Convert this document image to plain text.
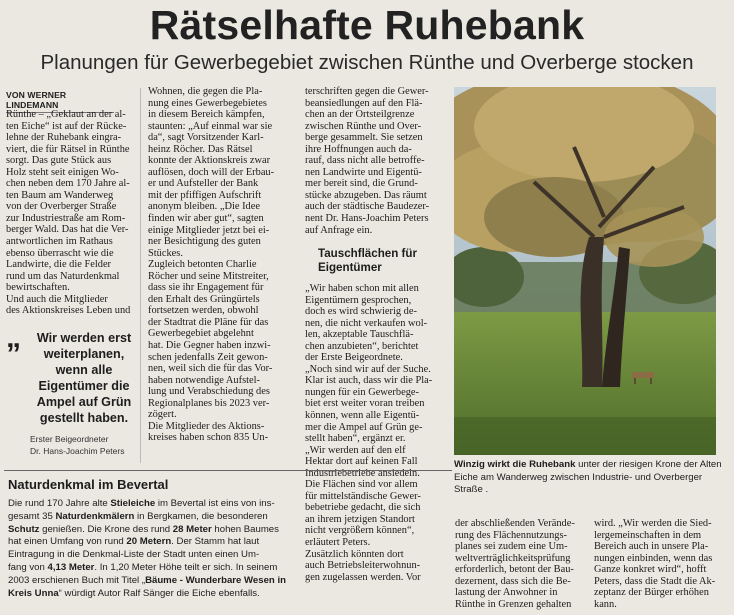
Rätselhafte Ruhebank
Planungen für Gewerbegebiet zwischen Rünthe und Overberge stocken
VON WERNER LINDEMANN
Rünthe – „Geklaut an der al-
ten Eiche“ ist auf der Rücke-
lehne der Ruhebank eingra-
viert, die für Rätsel in Rünthe
sorgt. Das gute Stück aus
Holz steht seit einigen Wo-
chen neben dem 170 Jahre al-
ten Baum am Wanderweg
von der Overberger Straße
zur Industriestraße am Rom-
berger Wald. Das hat die Ver-
antwortlichen im Rathaus
ebenso überrascht wie die
Landwirte, die die Felder
rund um das Naturdenkmal
bewirtschaften.
Und auch die Mitglieder
des Aktionskreises Leben und
„	Wir werden erst weiterplanen, wenn alle Eigentümer die Ampel auf Grün gestellt haben.
Erster Beigeordneter
Dr. Hans-Joachim Peters
Wohnen, die gegen die Pla-
nung eines Gewerbegebietes
in diesem Bereich kämpfen,
staunten: „Auf einmal war sie
da“, sagt Vorsitzender Karl-
heinz Röcher. Das Rätsel
konnte der Aktionskreis zwar
auflösen, doch will der Erbau-
er und Aufsteller der Bank
mit der pfiffigen Aufschrift
anonym bleiben. „Die Idee
finden wir aber gut“, sagten
einige Mitglieder jetzt bei ei-
ner Besichtigung des guten
Stückes.
Zugleich betonten Charlie
Röcher und seine Mitstreiter,
dass sie ihr Engagement für
den Erhalt des Grüngürtels
fortsetzen werden, obwohl
der Stadtrat die Pläne für das
Gewerbegebiet abgelehnt
hat. Die Gegner haben inzwi-
schen jedenfalls Zeit gewon-
nen, weil sich die für das Vor-
haben notwendige Aufstel-
lung und Verabschiedung des
Regionalplanes bis 2023 ver-
zögert.
Die Mitglieder des Aktions-
kreises haben schon 835 Un-
terschriften gegen die Gewer-
beansiedlungen auf den Flä-
chen an der Ortsteilgrenze
zwischen Rünthe und Over-
berge gesammelt. Sie setzen
ihre Hoffnungen auch da-
rauf, dass nicht alle betroffe-
nen Landwirte und Eigentü-
mer bereit sind, die Grund-
stücke abzugeben. Das räumt
auch der städtische Baudezer-
nent Dr. Hans-Joachim Peters
auf Anfrage ein.
Tauschflächen für Eigentümer
„Wir haben schon mit allen
Eigentümern gesprochen,
doch es wird schwierig de-
nen, die nicht verkaufen wol-
len, akzeptable Tauschflä-
chen anzubieten“, berichtet
der Erste Beigeordnete.
„Noch sind wir auf der Suche.
Klar ist auch, dass wir die Pla-
nungen für ein Gewerbege-
biet erst weiter voran treiben
können, wenn alle Eigentü-
mer die Ampel auf Grün ge-
stellt haben“, ergänzt er.
„Wir werden auf den elf
Hektar dort auf keinen Fall
Industriebetriebe ansiedeln.
Die Flächen sind vor allem
für mittelständische Gewer-
bebetriebe gedacht, die sich
an ihrem jetzigen Standort
nicht vergrößern können“,
erläutert Peters.
Zusätzlich könnten dort
auch Betriebsleiterwohnun-
gen zugelassen werden. Vor
Naturdenkmal im Bevertal
Die rund 170 Jahre alte Stieleiche im Bevertal ist eins von ins-
gesamt 35 Naturdenkmälern in Bergkamen, die besonderen
Schutz genießen. Die Krone des rund 28 Meter hohen Baumes
hat einen Umfang von rund 20 Metern. Der Stamm hat laut
Eintragung in die Denkmal-Liste der Stadt unten einen Um-
fang von 4,13 Meter. In 1,20 Meter Höhe teilt er sich. In seinem
2003 erschienen Buch mit Titel „Bäume - Wunderbare Wesen in
Kreis Unna“ würdigt Autor Ralf Sänger die Eiche ebenfalls.
Winzig wirkt die Ruhebank unter der riesigen Krone der Alten Eiche am Wanderweg zwischen Industrie- und Overberger Straße .
der abschließenden Verände-
rung des Flächennutzungs-
planes sei zudem eine Um-
weltverträglichkeitsprüfung
erforderlich, betont der Bau-
dezernent, dass sich die Be-
lastung der Anwohner in
Rünthe in Grenzen gehalten
wird. „Wir werden die Sied-
lergemeinschaften in dem
Bereich auch in unsere Pla-
nungen einbinden, wenn das
Ganze konkret wird“, hofft
Peters, dass die Stadt die Ak-
zeptanz der Bürger erhöhen
kann.
